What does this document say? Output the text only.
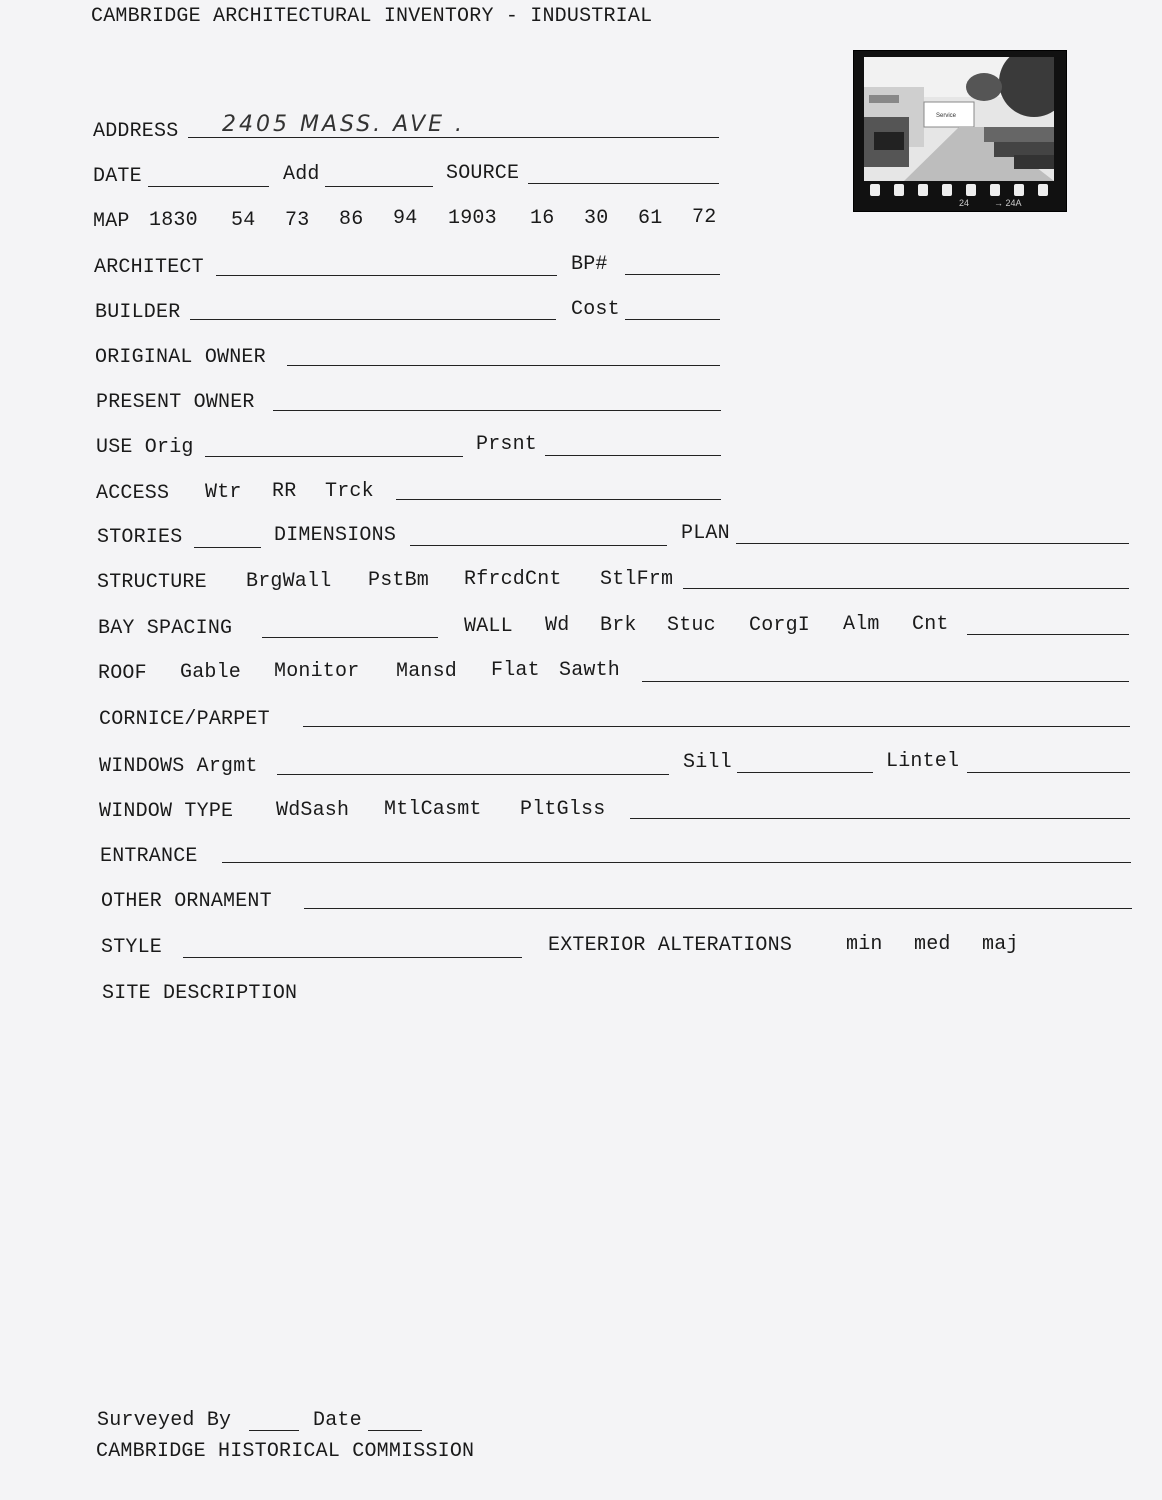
CAMBRIDGE ARCHITECTURAL INVENTORY - INDUSTRIAL
Service
24	→ 24A
ADDRESS 2405 MASS. AVE .
DATE	Add	SOURCE
MAP 1830 54 73 86 94 1903 16 30 61 72
ARCHITECT	BP#
BUILDER	Cost
ORIGINAL OWNER
PRESENT OWNER
USE Orig	Prsnt
ACCESS Wtr RR Trck
STORIES	DIMENSIONS	PLAN
STRUCTURE BrgWall PstBm RfrcdCnt StlFrm
BAY SPACING	WALL Wd Brk Stuc CorgI Alm Cnt
ROOF Gable Monitor Mansd Flat Sawth
CORNICE/PARPET
WINDOWS Argmt	Sill	Lintel
WINDOW TYPE WdSash MtlCasmt PltGlss
ENTRANCE
OTHER ORNAMENT
STYLE	EXTERIOR ALTERATIONS	min med maj
SITE DESCRIPTION
Surveyed By	Date
CAMBRIDGE HISTORICAL COMMISSION
